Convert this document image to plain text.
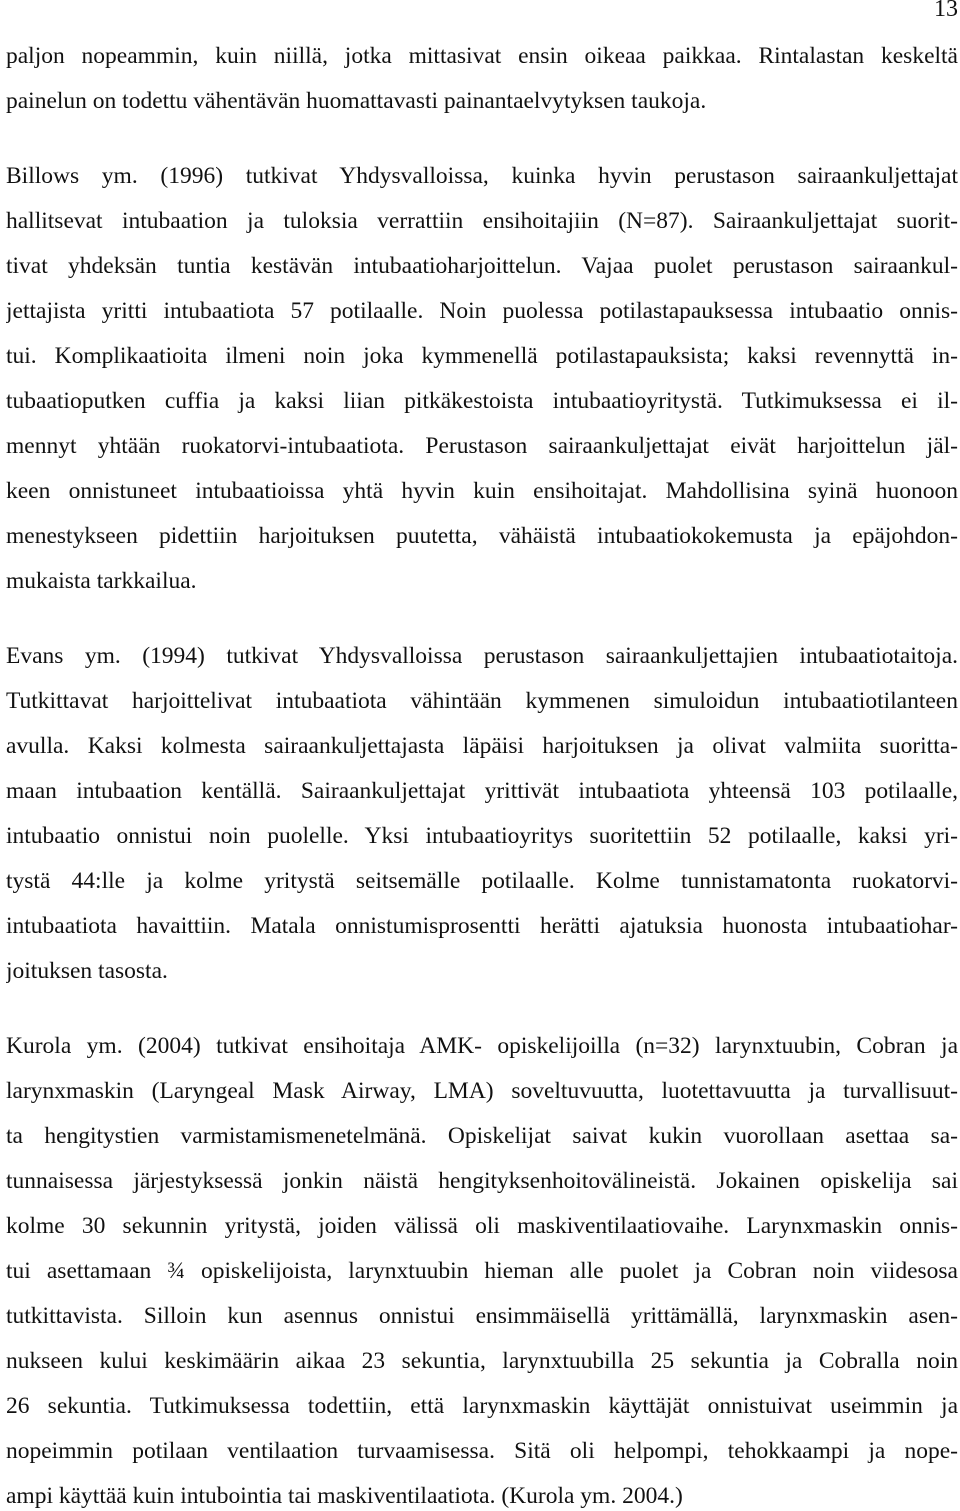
13
paljon nopeammin, kuin niillä, jotka mittasivat ensin oikeaa paikkaa. Rintalastan keskeltä
painelun on todettu vähentävän huomattavasti painantaelvytyksen taukoja.
Billows ym. (1996) tutkivat Yhdysvalloissa, kuinka hyvin perustason sairaankuljettajat
hallitsevat intubaation ja tuloksia verrattiin ensihoitajiin (N=87). Sairaankuljettajat suorit-
tivat yhdeksän tuntia kestävän intubaatioharjoittelun. Vajaa puolet perustason sairaankul-
jettajista yritti intubaatiota 57 potilaalle. Noin puolessa potilastapauksessa intubaatio onnis-
tui. Komplikaatioita ilmeni noin joka kymmenellä potilastapauksista; kaksi revennyttä in-
tubaatioputken cuffia ja kaksi liian pitkäkestoista intubaatioyritystä. Tutkimuksessa ei il-
mennyt yhtään ruokatorvi-intubaatiota. Perustason sairaankuljettajat eivät harjoittelun jäl-
keen onnistuneet intubaatioissa yhtä hyvin kuin ensihoitajat. Mahdollisina syinä huonoon
menestykseen pidettiin harjoituksen puutetta, vähäistä intubaatiokokemusta ja epäjohdon-
mukaista tarkkailua.
Evans ym. (1994) tutkivat Yhdysvalloissa perustason sairaankuljettajien intubaatiotaitoja.
Tutkittavat harjoittelivat intubaatiota vähintään kymmenen simuloidun intubaatiotilanteen
avulla. Kaksi kolmesta sairaankuljettajasta läpäisi harjoituksen ja olivat valmiita suoritta-
maan intubaation kentällä. Sairaankuljettajat yrittivät intubaatiota yhteensä 103 potilaalle,
intubaatio onnistui noin puolelle. Yksi intubaatioyritys suoritettiin 52 potilaalle, kaksi yri-
tystä 44:lle ja kolme yritystä seitsemälle potilaalle. Kolme tunnistamatonta ruokatorvi-
intubaatiota havaittiin. Matala onnistumisprosentti herätti ajatuksia huonosta intubaatiohar-
joituksen tasosta.
Kurola ym. (2004) tutkivat ensihoitaja AMK- opiskelijoilla (n=32) larynxtuubin, Cobran ja
larynxmaskin (Laryngeal Mask Airway, LMA) soveltuvuutta, luotettavuutta ja turvallisuut-
ta hengitystien varmistamismenetelmänä. Opiskelijat saivat kukin vuorollaan asettaa sa-
tunnaisessa järjestyksessä jonkin näistä hengityksenhoitovälineistä. Jokainen opiskelija sai
kolme 30 sekunnin yritystä, joiden välissä oli maskiventilaatiovaihe. Larynxmaskin onnis-
tui asettamaan ¾ opiskelijoista, larynxtuubin hieman alle puolet ja Cobran noin viidesosa
tutkittavista. Silloin kun asennus onnistui ensimmäisellä yrittämällä, larynxmaskin asen-
nukseen kului keskimäärin aikaa 23 sekuntia, larynxtuubilla 25 sekuntia ja Cobralla noin
26 sekuntia. Tutkimuksessa todettiin, että larynxmaskin käyttäjät onnistuivat useimmin ja
nopeimmin potilaan ventilaation turvaamisessa. Sitä oli helpompi, tehokkaampi ja nope-
ampi käyttää kuin intubointia tai maskiventilaatiota. (Kurola ym. 2004.)
